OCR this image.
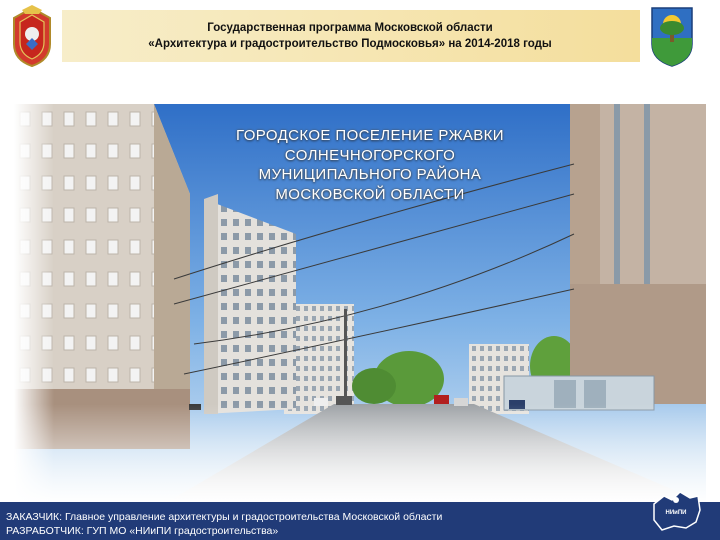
Государственная программа Московской области
«Архитектура и градостроительство Подмосковья» на 2014-2018 годы
ГОРОДСКОЕ ПОСЕЛЕНИЕ РЖАВКИ
СОЛНЕЧНОГОРСКОГО
МУНИЦИПАЛЬНОГО РАЙОНА
МОСКОВСКОЙ ОБЛАСТИ
ЗАКАЗЧИК: Главное управление архитектуры и градостроительства Московской области
РАЗРАБОТЧИК: ГУП МО «НИиПИ градостроительства»
НИиПИ
